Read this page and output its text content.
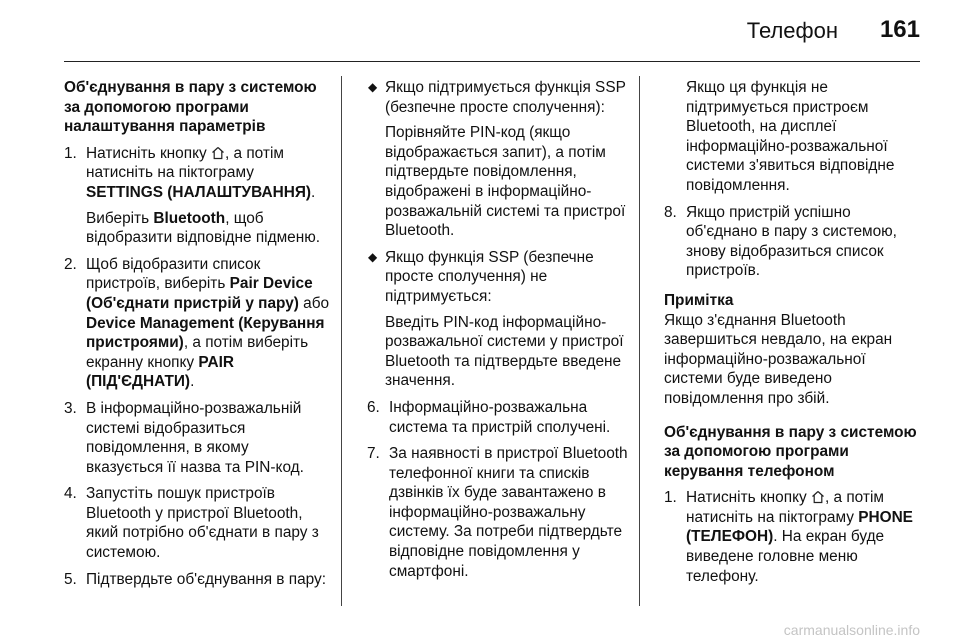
Телефон 161
Об'єднування в пару з системою за допомогою програми налаштування параметрів
1. Натисніть кнопку
, а потім натисніть на піктограму SETTINGS (НАЛАШТУВАННЯ).
Виберіть Bluetooth, щоб відобразити відповідне підменю.
2. Щоб відобразити список пристроїв, виберіть Pair Device (Об'єднати пристрій у пару) або Device Management (Керування пристроями), а потім виберіть екранну кнопку PAIR (ПІД'ЄДНАТИ).
3. В інформаційно-розважальній системі відобразиться повідомлення, в якому вказується її назва та PIN-код.
4. Запустіть пошук пристроїв Bluetooth у пристрої Bluetooth, який потрібно об'єднати в пару з системою.
5. Підтвердьте об'єднування в пару:
◆ Якщо підтримується функція SSP (безпечне просте сполучення):
Порівняйте PIN-код (якщо відображається запит), а потім підтвердьте повідомлення, відображені в інформаційно-розважальній системі та пристрої Bluetooth.
◆ Якщо функція SSP (безпечне просте сполучення) не підтримується:
Введіть PIN-код інформаційно-розважальної системи у пристрої Bluetooth та підтвердьте введене значення.
6. Інформаційно-розважальна система та пристрій сполучені.
7. За наявності в пристрої Bluetooth телефонної книги та списків дзвінків їх буде завантажено в інформаційно-розважальну систему. За потреби підтвердьте відповідне повідомлення у смартфоні.
Якщо ця функція не підтримується пристроєм Bluetooth, на дисплеї інформаційно-розважальної системи з'явиться відповідне повідомлення.
8. Якщо пристрій успішно об'єднано в пару з системою, знову відобразиться список пристроїв.
Примітка
Якщо з'єднання Bluetooth завершиться невдало, на екран інформаційно-розважальної системи буде виведено повідомлення про збій.
Об'єднування в пару з системою за допомогою програми керування телефоном
1. Натисніть кнопку
, а потім натисніть на піктограму PHONE (ТЕЛЕФОН). На екран буде виведене головне меню телефону.
carmanualsonline.info
